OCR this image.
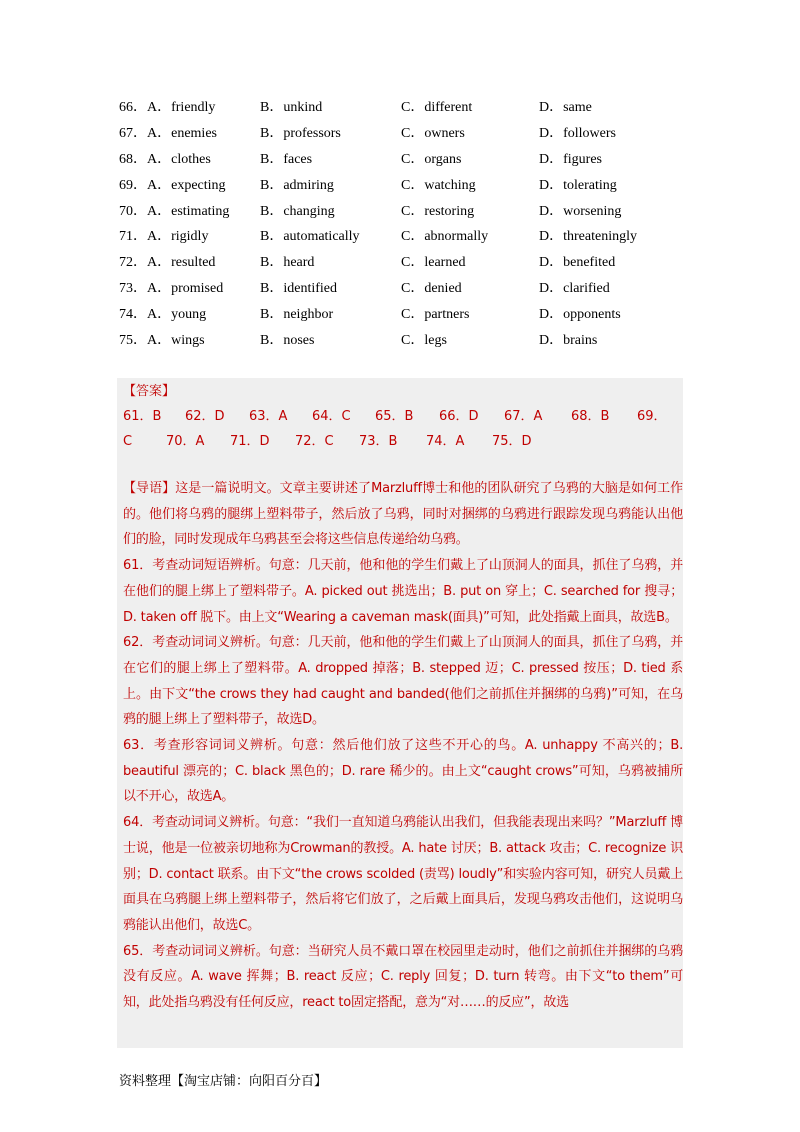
66．A．friendly	B．unkind	C．different	D．same
67．A．enemies	B．professors	C．owners	D．followers
68．A．clothes	B．faces	C．organs	D．figures
69．A．expecting	B．admiring	C．watching	D．tolerating
70．A．estimating	B．changing	C．restoring	D．worsening
71．A．rigidly	B．automatically	C．abnormally	D．threateningly
72．A．resulted	B．heard	C．learned	D．benefited
73．A．promised	B．identified	C．denied	D．clarified
74．A．young	B．neighbor	C．partners	D．opponents
75．A．wings	B．noses	C．legs	D．brains
【答案】
61．B 62．D 63．A 64．C 65．B 66．D 67．A 68．B 69．
C	70．A 71．D 72．C 73．B 74．A 75．D
【导语】这是一篇说明文。文章主要讲述了Marzluff博士和他的团队研究了乌鸦的大脑是如何工作的。他们将乌鸦的腿绑上塑料带子，然后放了乌鸦，同时对捆绑的乌鸦进行跟踪发现乌鸦能认出他们的脸，同时发现成年乌鸦甚至会将这些信息传递给幼乌鸦。
61．考查动词短语辨析。句意：几天前，他和他的学生们戴上了山顶洞人的面具，抓住了乌鸦，并在他们的腿上绑上了塑料带子。A. picked out 挑选出；B. put on 穿上；C. searched for 搜寻；D. taken off 脱下。由上文“Wearing a caveman mask(面具)”可知，此处指戴上面具，故选B。
62．考查动词词义辨析。句意：几天前，他和他的学生们戴上了山顶洞人的面具，抓住了乌鸦，并在它们的腿上绑上了塑料带。A. dropped 掉落；B. stepped 迈；C. pressed 按压；D. tied 系上。由下文“the crows they had caught and banded(他们之前抓住并捆绑的乌鸦)”可知，在乌鸦的腿上绑上了塑料带子，故选D。
63．考查形容词词义辨析。句意：然后他们放了这些不开心的鸟。A. unhappy 不高兴的；B. beautiful 漂亮的；C. black 黑色的；D. rare 稀少的。由上文“caught crows”可知，乌鸦被捕所以不开心，故选A。
64．考查动词词义辨析。句意：“我们一直知道乌鸦能认出我们，但我能表现出来吗？”Marzluff 博士说，他是一位被亲切地称为Crowman的教授。A. hate 讨厌；B. attack 攻击；C. recognize 识别；D. contact 联系。由下文“the crows scolded (责骂) loudly”和实验内容可知，研究人员戴上面具在乌鸦腿上绑上塑料带子，然后将它们放了，之后戴上面具后，发现乌鸦攻击他们，这说明乌鸦能认出他们，故选C。
65．考查动词词义辨析。句意：当研究人员不戴口罩在校园里走动时，他们之前抓住并捆绑的乌鸦没有反应。A. wave 挥舞；B. react 反应；C. reply 回复；D. turn 转弯。由下文“to them”可知，此处指乌鸦没有任何反应，react to固定搭配，意为“对……的反应”，故选
资料整理【淘宝店铺：向阳百分百】
